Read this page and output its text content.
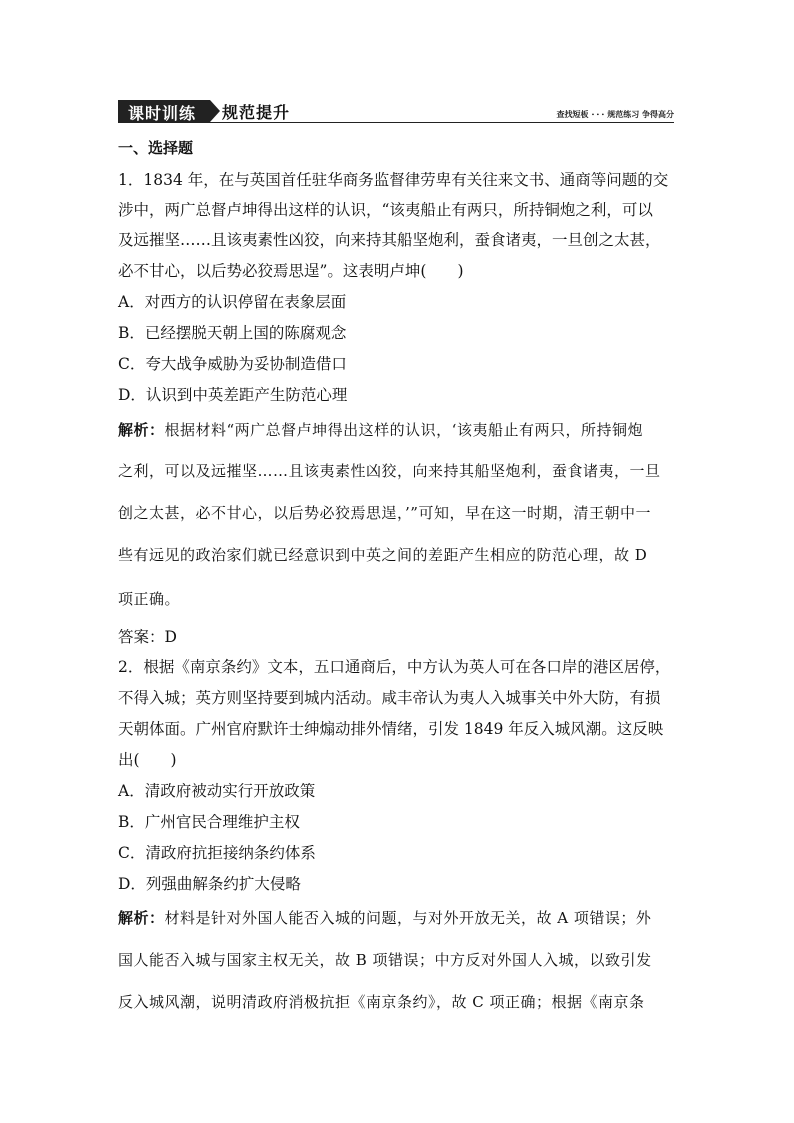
课时训练 规范提升	查找短板 • • • 规范练习 争得高分
一、选择题
1．1834 年，在与英国首任驻华商务监督律劳卑有关往来文书、通商等问题的交
涉中，两广总督卢坤得出这样的认识，“该夷船止有两只，所持铜炮之利，可以
及远摧坚……且该夷素性凶狡，向来持其船坚炮利，蚕食诸夷，一旦创之太甚，
必不甘心，以后势必狡焉思逞”。这表明卢坤(　　)
A．对西方的认识停留在表象层面
B．已经摆脱天朝上国的陈腐观念
C．夸大战争威胁为妥协制造借口
D．认识到中英差距产生防范心理
解析：根据材料“两广总督卢坤得出这样的认识，‘该夷船止有两只，所持铜炮
之利，可以及远摧坚……且该夷素性凶狡，向来持其船坚炮利，蚕食诸夷，一旦
创之太甚，必不甘心，以后势必狡焉思逞，’”可知，早在这一时期，清王朝中一
些有远见的政治家们就已经意识到中英之间的差距产生相应的防范心理，故 D
项正确。
答案：D
2．根据《南京条约》文本，五口通商后，中方认为英人可在各口岸的港区居停，
不得入城；英方则坚持要到城内活动。咸丰帝认为夷人入城事关中外大防，有损
天朝体面。广州官府默许士绅煽动排外情绪，引发 1849 年反入城风潮。这反映
出(　　)
A．清政府被动实行开放政策
B．广州官民合理维护主权
C．清政府抗拒接纳条约体系
D．列强曲解条约扩大侵略
解析：材料是针对外国人能否入城的问题，与对外开放无关，故 A 项错误；外
国人能否入城与国家主权无关，故 B 项错误；中方反对外国人入城，以致引发
反入城风潮，说明清政府消极抗拒《南京条约》，故 C 项正确；根据《南京条
